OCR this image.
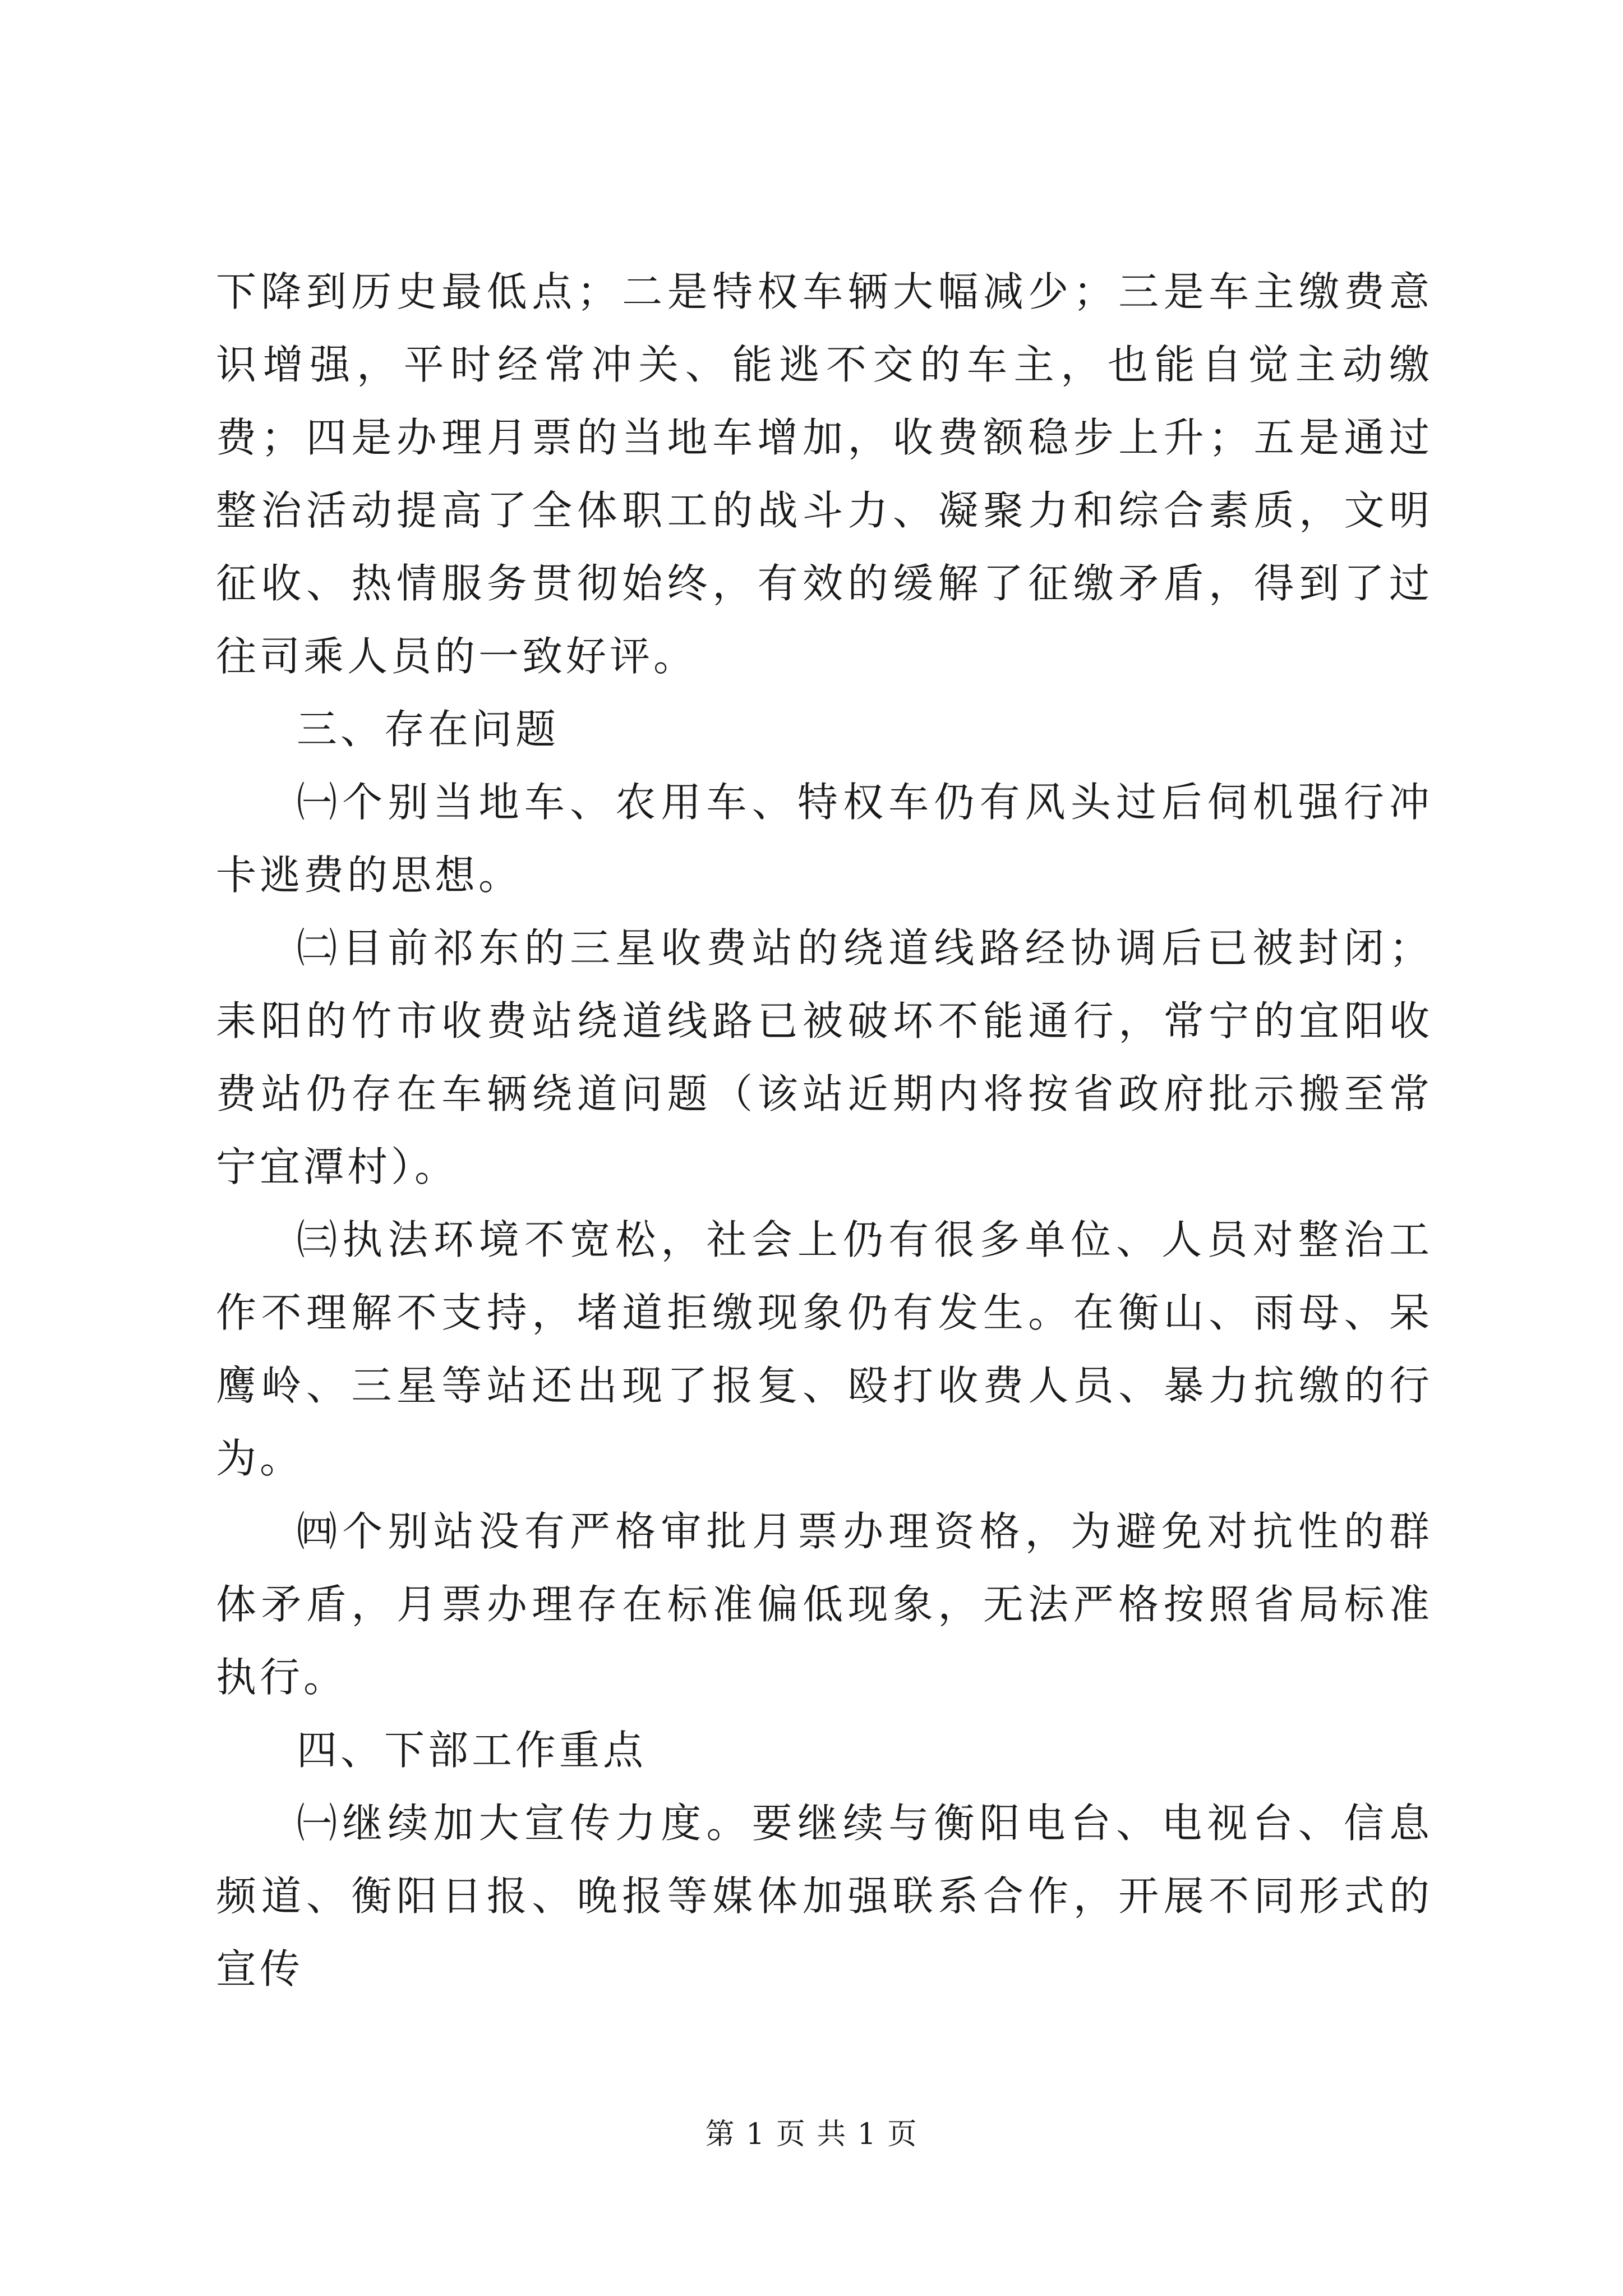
下降到历史最低点；二是特权车辆大幅减少；三是车主缴费意识增强，平时经常冲关、能逃不交的车主，也能自觉主动缴费；四是办理月票的当地车增加，收费额稳步上升；五是通过整治活动提高了全体职工的战斗力、凝聚力和综合素质，文明征收、热情服务贯彻始终，有效的缓解了征缴矛盾，得到了过往司乘人员的一致好评。

三、存在问题

㈠个别当地车、农用车、特权车仍有风头过后伺机强行冲卡逃费的思想。

㈡目前祁东的三星收费站的绕道线路经协调后已被封闭；耒阳的竹市收费站绕道线路已被破坏不能通行，常宁的宜阳收费站仍存在车辆绕道问题（该站近期内将按省政府批示搬至常宁宜潭村）。

㈢执法环境不宽松，社会上仍有很多单位、人员对整治工作不理解不支持，堵道拒缴现象仍有发生。在衡山、雨母、呆鹰岭、三星等站还出现了报复、殴打收费人员、暴力抗缴的行为。

㈣个别站没有严格审批月票办理资格，为避免对抗性的群体矛盾，月票办理存在标准偏低现象，无法严格按照省局标准执行。

四、下部工作重点

㈠继续加大宣传力度。要继续与衡阳电台、电视台、信息频道、衡阳日报、晚报等媒体加强联系合作，开展不同形式的宣传

第 1 页 共 1 页
